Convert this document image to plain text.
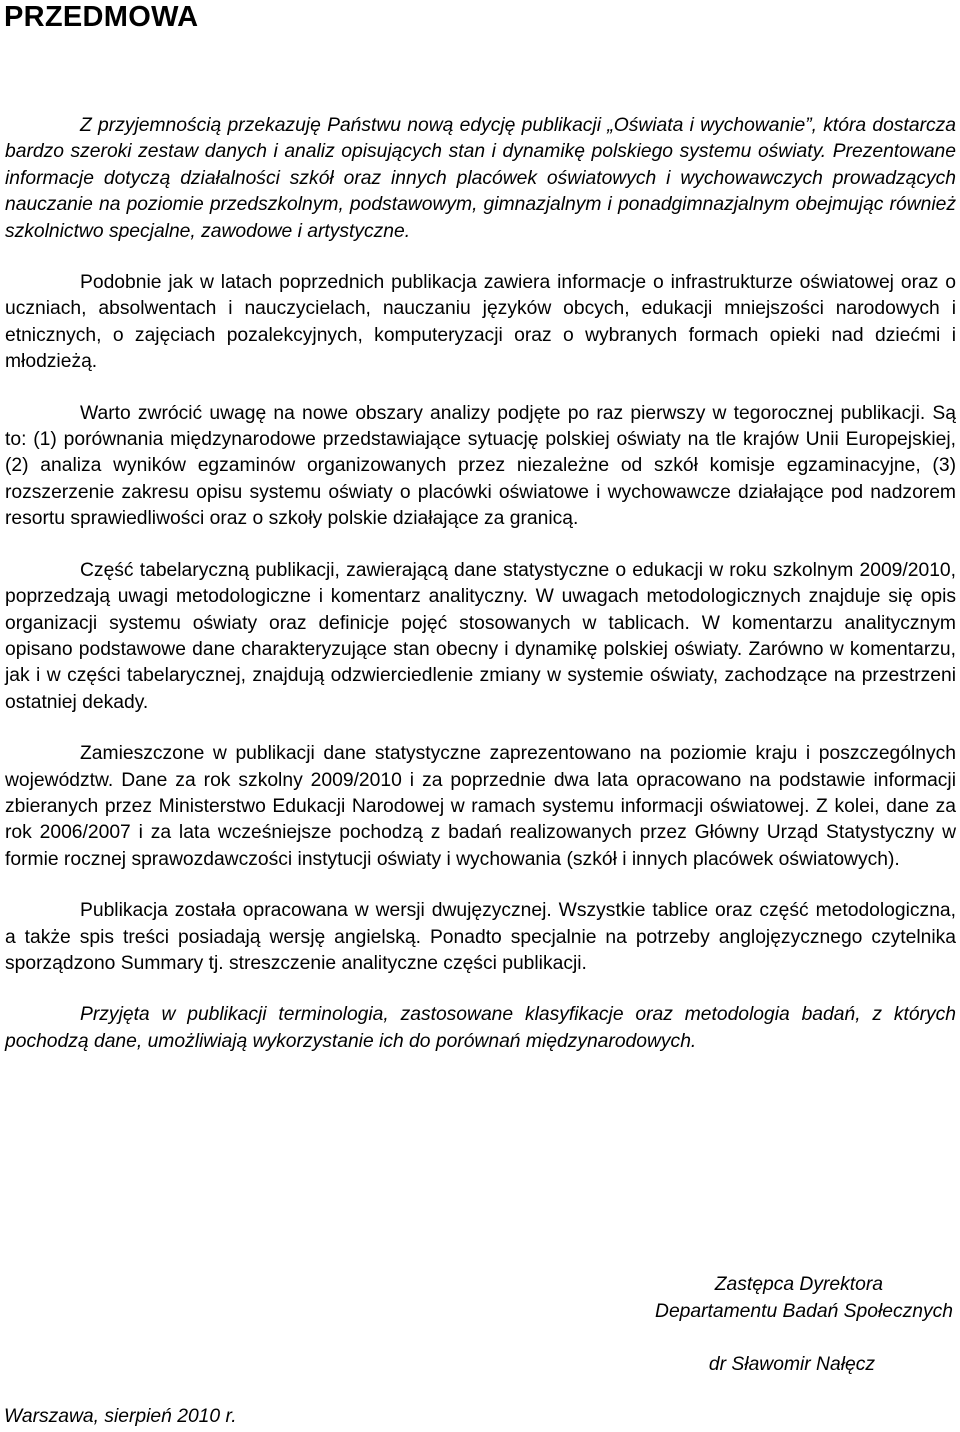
PRZEDMOWA

Z przyjemnością przekazuję Państwu nową edycję publikacji „Oświata i wychowanie”, która dostarcza bardzo szeroki zestaw danych i analiz opisujących stan i dynamikę polskiego systemu oświaty. Prezentowane informacje dotyczą działalności szkół oraz innych placówek oświatowych i wychowawczych prowadzących nauczanie na poziomie przedszkolnym, podstawowym, gimnazjalnym i ponadgimnazjalnym obejmując również szkolnictwo specjalne, zawodowe i artystyczne.

Podobnie jak w latach poprzednich publikacja zawiera informacje o infrastrukturze oświatowej oraz o uczniach, absolwentach i nauczycielach, nauczaniu języków obcych, edukacji mniejszości narodowych i etnicznych, o zajęciach pozalekcyjnych, komputeryzacji oraz o wybranych formach opieki nad dziećmi i młodzieżą.

Warto zwrócić uwagę na nowe obszary analizy podjęte po raz pierwszy w tegorocznej publikacji. Są to: (1) porównania międzynarodowe przedstawiające sytuację polskiej oświaty na tle krajów Unii Europejskiej, (2) analiza wyników egzaminów organizowanych przez niezależne od szkół komisje egzaminacyjne, (3) rozszerzenie zakresu opisu systemu oświaty o placówki oświatowe i wychowawcze działające pod nadzorem resortu sprawiedliwości oraz o szkoły polskie działające za granicą.

Część tabelaryczną publikacji, zawierającą dane statystyczne o edukacji w roku szkolnym 2009/2010, poprzedzają uwagi metodologiczne i komentarz analityczny. W uwagach metodologicznych znajduje się opis organizacji systemu oświaty oraz definicje pojęć stosowanych w tablicach. W komentarzu analitycznym opisano podstawowe dane charakteryzujące stan obecny i dynamikę polskiej oświaty. Zarówno w komentarzu, jak i w części tabelarycznej, znajdują odzwierciedlenie zmiany w systemie oświaty, zachodzące na przestrzeni ostatniej dekady.

Zamieszczone w publikacji dane statystyczne zaprezentowano na poziomie kraju i poszczególnych województw. Dane za rok szkolny 2009/2010 i za poprzednie dwa lata opracowano na podstawie informacji zbieranych przez Ministerstwo Edukacji Narodowej w ramach systemu informacji oświatowej. Z kolei, dane za rok 2006/2007 i za lata wcześniejsze pochodzą z badań realizowanych przez Główny Urząd Statystyczny w formie rocznej sprawozdawczości instytucji oświaty i wychowania (szkół i innych placówek oświatowych).

Publikacja została opracowana w wersji dwujęzycznej. Wszystkie tablice oraz część metodologiczna, a także spis treści posiadają wersję angielską. Ponadto specjalnie na potrzeby anglojęzycznego czytelnika sporządzono Summary tj. streszczenie analityczne części publikacji.

Przyjęta w publikacji terminologia, zastosowane klasyfikacje oraz metodologia badań, z których pochodzą dane, umożliwiają wykorzystanie ich do porównań międzynarodowych.

Zastępca Dyrektora
Departamentu Badań Społecznych
dr Sławomir Nałęcz
Warszawa, sierpień 2010 r.
